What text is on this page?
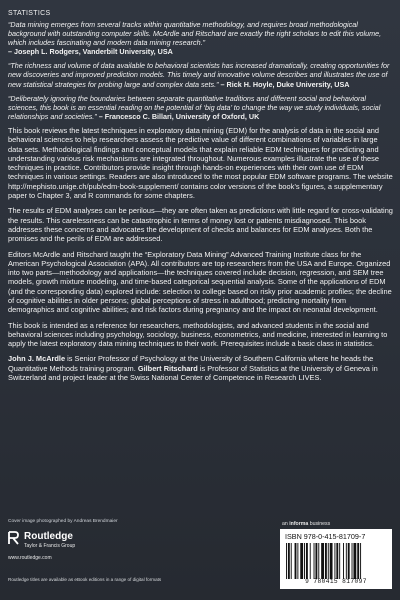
STATISTICS
“Data mining emerges from several tracks within quantitative methodology, and requires broad methodological background with outstanding computer skills. McArdle and Ritschard are exactly the right scholars to edit this volume, which includes fascinating and modern data mining research.”
– Joseph L. Rodgers, Vanderbilt University, USA
“The richness and volume of data available to behavioral scientists has increased dramatically, creating opportunities for new discoveries and improved prediction models. This timely and innovative volume describes and illustrates the use of new statistical strategies for probing large and complex data sets.” – Rick H. Hoyle, Duke University, USA
“Deliberately ignoring the boundaries between separate quantitative traditions and different social and behavioral sciences, this book is an essential reading on the potential of ‘big data’ to change the way we study individuals, social relationships and societies.” – Francesco C. Billari, University of Oxford, UK

This book reviews the latest techniques in exploratory data mining (EDM) for the analysis of data in the social and behavioral sciences to help researchers assess the predictive value of different combinations of variables in large data sets. Methodological findings and conceptual models that explain reliable EDM techniques for predicting and understanding various risk mechanisms are integrated throughout. Numerous examples illustrate the use of these techniques in practice. Contributors provide insight through hands-on experiences with their own use of EDM techniques in various settings. Readers are also introduced to the most popular EDM software programs. The website http://mephisto.unige.ch/pub/edm-book-supplement/ contains color versions of the book’s figures, a supplementary paper to Chapter 3, and R commands for some chapters.

The results of EDM analyses can be perilous—they are often taken as predictions with little regard for cross-validating the results. This carelessness can be catastrophic in terms of money lost or patients misdiagnosed. This book addresses these concerns and advocates the development of checks and balances for EDM analyses. Both the promises and the perils of EDM are addressed.

Editors McArdle and Ritschard taught the “Exploratory Data Mining” Advanced Training Institute class for the American Psychological Association (APA). All contributors are top researchers from the USA and Europe. Organized into two parts—methodology and applications—the techniques covered include decision, regression, and SEM tree models, growth mixture modeling, and time-based categorical sequential analysis. Some of the applications of EDM (and the corresponding data) explored include: selection to college based on risky prior academic profiles; the decline of cognitive abilities in older persons; global perceptions of stress in adulthood; predicting mortality from demographics and cognitive abilities; and risk factors during pregnancy and the impact on neonatal development.

This book is intended as a reference for researchers, methodologists, and advanced students in the social and behavioral sciences including psychology, sociology, business, econometrics, and medicine, interested in learning to apply the latest exploratory data mining techniques to their work. Prerequisites include a basic class in statistics.

John J. McArdle is Senior Professor of Psychology at the University of Southern California where he heads the Quantitative Methods training program. Gilbert Ritschard is Professor of Statistics at the University of Geneva in Switzerland and project leader at the Swiss National Center of Competence in Research LIVES.

Cover image photographed by Andreas Brendmaier
Routledge
Taylor & Francis Group
www.routledge.com
Routledge titles are available as eBook editions in a range of digital formats
an informa business
ISBN 978-0-415-81709-7
9 780415 817097
